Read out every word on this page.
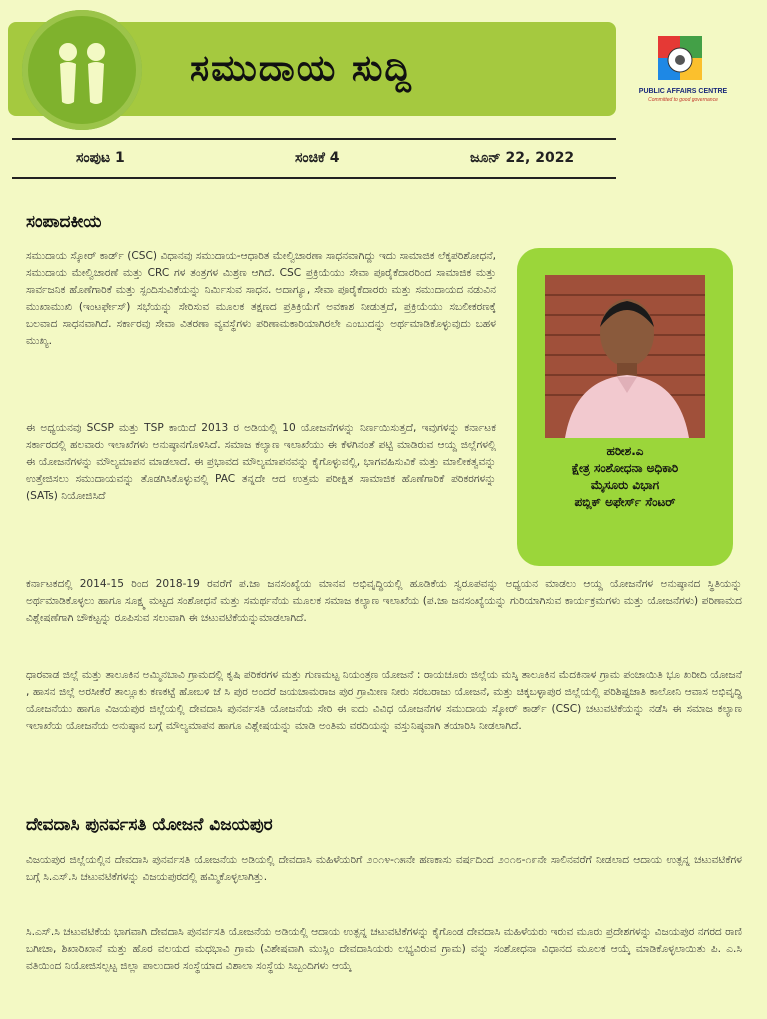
ಸಮುದಾಯ ಸುದ್ದಿ
PUBLIC AFFAIRS CENTRE
Committed to good governance
ಸಂಪುಟ 1	ಸಂಚಿಕೆ 4	ಜೂನ್ 22, 2022
ಸಂಪಾದಕೀಯ

ಸಮುದಾಯ ಸ್ಕೋರ್ ಕಾರ್ಡ್ (CSC) ವಿಧಾನವು ಸಮುದಾಯ-ಆಧಾರಿತ ಮೇಲ್ವಿಚಾರಣಾ ಸಾಧನವಾಗಿದ್ದು ಇದು ಸಾಮಾಜಿಕ ಲೆಕ್ಕಪರಿಶೋಧನೆ, ಸಮುದಾಯ ಮೇಲ್ವಿಚಾರಣೆ ಮತ್ತು CRC ಗಳ ತಂತ್ರಗಳ ಮಿಶ್ರಣ ಆಗಿದೆ. CSC ಪ್ರಕ್ರಿಯೆಯು ಸೇವಾ ಪೂರೈಕೆದಾರರಿಂದ ಸಾಮಾಜಿಕ ಮತ್ತು ಸಾರ್ವಜನಿಕ ಹೊಣೆಗಾರಿಕೆ ಮತ್ತು ಸ್ಪಂದಿಸುವಿಕೆಯನ್ನು ನಿರ್ಮಿಸುವ ಸಾಧನ. ಅದಾಗ್ಯೂ, ಸೇವಾ ಪೂರೈಕೆದಾರರು ಮತ್ತು ಸಮುದಾಯದ ನಡುವಿನ ಮುಖಾಮುಖಿ (ಇಂಟರ್ಫೇಸ್) ಸಭೆಯನ್ನು ಸೇರಿಸುವ ಮೂಲಕ ತಕ್ಷಣದ ಪ್ರತಿಕ್ರಿಯೆಗೆ ಅವಕಾಶ ನೀಡುತ್ತದೆ, ಪ್ರಕ್ರಿಯೆಯು ಸಬಲೀಕರಣಕ್ಕೆ ಬಲವಾದ ಸಾಧನವಾಗಿದೆ. ಸರ್ಕಾರವು ಸೇವಾ ವಿತರಣಾ ವ್ಯವಸ್ಥೆಗಳು ಪರಿಣಾಮಕಾರಿಯಾಗಿರಲೇ ಎಂಬುದನ್ನು ಅರ್ಥಮಾಡಿಕೊಳ್ಳುವುದು ಬಹಳ ಮುಖ್ಯ.

ಈ ಅಧ್ಯಯನವು SCSP ಮತ್ತು TSP ಕಾಯಿದೆ 2013 ರ ಅಡಿಯಲ್ಲಿ 10 ಯೋಜನೆಗಳನ್ನು ನಿರ್ಣಯಿಸುತ್ತದೆ, ಇವುಗಳನ್ನು ಕರ್ನಾಟಕ ಸರ್ಕಾರದಲ್ಲಿ ಹಲವಾರು ಇಲಾಖೆಗಳು ಅನುಷ್ಠಾನಗೊಳಿಸಿದೆ. ಸಮಾಜ ಕಲ್ಯಾಣ ಇಲಾಖೆಯು ಈ ಕೆಳಗಿನಂತೆ ಪಟ್ಟಿ ಮಾಡಿರುವ ಆಯ್ದ ಜಿಲ್ಲೆಗಳಲ್ಲಿ ಈ ಯೋಜನೆಗಳನ್ನು ಮೌಲ್ಯಮಾಪನ ಮಾಡಲಾದೆ. ಈ ಪ್ರಭಾವದ ಮೌಲ್ಯಮಾಪನವನ್ನು ಕೈಗೊಳ್ಳುವಲ್ಲಿ, ಭಾಗವಹಿಸುವಿಕೆ ಮತ್ತು ಮಾಲೀಕತ್ವವನ್ನು ಉತ್ತೇಜಿಸಲು ಸಮುದಾಯವನ್ನು ತೊಡಗಿಸಿಕೊಳ್ಳುವಲ್ಲಿ PAC ತನ್ನದೇ ಆದ ಉತ್ತಮ ಪರೀಕ್ಷಿತ ಸಾಮಾಜಿಕ ಹೊಣೆಗಾರಿಕೆ ಪರಿಕರಗಳನ್ನು (SATs) ನಿಯೋಜಿಸಿದೆ

ಹರೀಶ.ಎ
ಕ್ಷೇತ್ರ ಸಂಶೋಧನಾ ಅಧಿಕಾರಿ
ಮೈಸೂರು ವಿಭಾಗ
ಪಬ್ಲಿಕ್ ಅಫೇರ್ಸ್ ಸೆಂಟರ್

ಕರ್ನಾಟಕದಲ್ಲಿ 2014-15 ರಿಂದ 2018-19 ರವರೆಗೆ ಪ.ಜಾ ಜನಸಂಖ್ಯೆಯ ಮಾನವ ಅಭಿವೃದ್ಧಿಯಲ್ಲಿ ಹೂಡಿಕೆಯ ಸ್ವರೂಪವನ್ನು ಅಧ್ಯಯನ ಮಾಡಲು ಆಯ್ದ ಯೋಜನೆಗಳ ಅನುಷ್ಠಾನದ ಸ್ಥಿತಿಯನ್ನು ಅರ್ಥಮಾಡಿಕೊಳ್ಳಲು ಹಾಗೂ ಸೂಕ್ಷ್ಮ ಮಟ್ಟದ ಸಂಶೋಧನೆ ಮತ್ತು ಸಮರ್ಥನೆಯ ಮೂಲಕ ಸಮಾಜ ಕಲ್ಯಾಣ ಇಲಾಖೆಯ (ಪ.ಜಾ ಜನಸಂಖ್ಯೆಯನ್ನು ಗುರಿಯಾಗಿಸುವ ಕಾರ್ಯಕ್ರಮಗಳು ಮತ್ತು ಯೋಜನೆಗಳು) ಪರಿಣಾಮದ ವಿಶ್ಲೇಷಣೆಗಾಗಿ ಚೌಕಟ್ಟನ್ನು ರೂಪಿಸುವ ಸಲುವಾಗಿ ಈ ಚಟುವಟಿಕೆಯನ್ನುಮಾಡಲಾಗಿದೆ.

ಧಾರವಾಡ ಜಿಲ್ಲೆ ಮತ್ತು ತಾಲೂಕಿನ ಅಮ್ಮಿನಬಾವಿ ಗ್ರಾಮದಲ್ಲಿ ಕೃಷಿ ಪರಿಕರಗಳ ಮತ್ತು ಗುಣಮಟ್ಟ ನಿಯಂತ್ರಣ ಯೋಜನೆ : ರಾಯಚೂರು ಜಿಲ್ಲೆಯ ಮಸ್ಕಿ ತಾಲೂಕಿನ ಮೆದಕಿನಾಳ ಗ್ರಾಮ ಪಂಚಾಯಿತಿ ಭೂ ಖರೀದಿ ಯೋಜನೆ , ಹಾಸನ ಜಿಲ್ಲೆ ಅರಸೀಕೆರೆ ತಾಲ್ಲೂಕು ಕಣಕಟ್ಟೆ ಹೋಬಳಿ ಜೆ ಸಿ ಪುರ ಅಂದರೆ ಜಯಚಾಮರಾಜ ಪುರ ಗ್ರಾಮೀಣ ನೀರು ಸರಬರಾಜು ಯೋಜನೆ, ಮತ್ತು ಚಿಕ್ಕಬಳ್ಳಾಪುರ ಜಿಲ್ಲೆಯಲ್ಲಿ ಪರಿಶಿಷ್ಟಜಾತಿ ಕಾಲೋನಿ ಆವಾಸ ಅಭಿವೃದ್ಧಿ ಯೋಜನೆಯು ಹಾಗೂ ವಿಜಯಪುರ ಜಿಲ್ಲೆಯಲ್ಲಿ ದೇವದಾಸಿ ಪುನರ್ವಸತಿ ಯೋಜನೆಯ ಸೇರಿ ಈ ಐದು ವಿವಿಧ ಯೋಜನೆಗಳ ಸಮುದಾಯ ಸ್ಕೋರ್ ಕಾರ್ಡ್ (CSC) ಚಟುವಟಿಕೆಯನ್ನು ನಡೆಸಿ ಈ ಸಮಾಜ ಕಲ್ಯಾಣ ಇಲಾಖೆಯ ಯೋಜನೆಯ ಅನುಷ್ಠಾನ ಬಗ್ಗೆ ಮೌಲ್ಯಮಾಪನ ಹಾಗೂ ವಿಶ್ಲೇಷಯನ್ನು ಮಾಡಿ ಅಂತಿಮ ವರದಿಯನ್ನು ವಸ್ತುನಿಷ್ಠವಾಗಿ ತಯಾರಿಸಿ ನೀಡಲಾಗಿದೆ.

ದೇವದಾಸಿ ಪುನರ್ವಸತಿ ಯೋಜನೆ ವಿಜಯಪುರ

ವಿಜಯಪುರ ಜಿಲ್ಲೆಯಲ್ಲಿನ ದೇವದಾಸಿ ಪುನರ್ವಸತಿ ಯೋಜನೆಯ ಅಡಿಯಲ್ಲಿ ದೇವದಾಸಿ ಮಹಿಳೆಯರಿಗೆ ೨೦೧೪-೧೫ನೇ ಹಣಕಾಸು ವರ್ಷದಿಂದ ೨೦೧೮-೧೯ನೇ ಸಾಲಿನವರೆಗೆ ನೀಡಲಾದ ಆದಾಯ ಉತ್ಪನ್ನ ಚಟುವಟಿಕೆಗಳ ಬಗ್ಗೆ ಸಿ.ಎಸ್.ಸಿ ಚಟುವಟಿಕೆಗಳನ್ನು ವಿಜಯಪುರದಲ್ಲಿ ಹಮ್ಮಿಕೊಳ್ಳಲಾಗಿತ್ತು.

ಸಿ.ಎಸ್.ಸಿ ಚಟುವಟಿಕೆಯ ಭಾಗವಾಗಿ ದೇವದಾಸಿ ಪುನರ್ವಸತಿ ಯೋಜನೆಯ ಅಡಿಯಲ್ಲಿ ಆದಾಯ ಉತ್ಪನ್ನ ಚಟುವಟಿಕೆಗಳನ್ನು ಕೈಗೊಂಡ ದೇವದಾಸಿ ಮಹಿಳೆಯರು ಇರುವ ಮೂರು ಪ್ರದೇಶಗಳನ್ನು ವಿಜಯಪುರ ನಗರದ ರಾಣಿ ಬಗೀಚಾ, ಶಿಖಾರಿಖಾನೆ ಮತ್ತು ಹೊರ ವಲಯದ ಮಧಭಾವಿ ಗ್ರಾಮ (ವಿಶೇಷವಾಗಿ ಮುಸ್ಲಿಂ ದೇವದಾಸಿಯರು ಲಭ್ಯವಿರುವ ಗ್ರಾಮ) ವನ್ನು ಸಂಶೋಧನಾ ವಿಧಾನದ ಮೂಲಕ ಆಯ್ಕೆ ಮಾಡಿಕೊಳ್ಳಲಾಯಿತು ಪಿ. ಎ.ಸಿ ವತಿಯಿಂದ ನಿಯೋಜಿಸಲ್ಪಟ್ಟ ಜಿಲ್ಲಾ ಪಾಲುದಾರ ಸಂಸ್ಥೆಯಾದ ವಿಶಾಲಾ ಸಂಸ್ಥೆಯ ಸಿಬ್ಬಂದಿಗಳು ಆಯ್ಕೆ
